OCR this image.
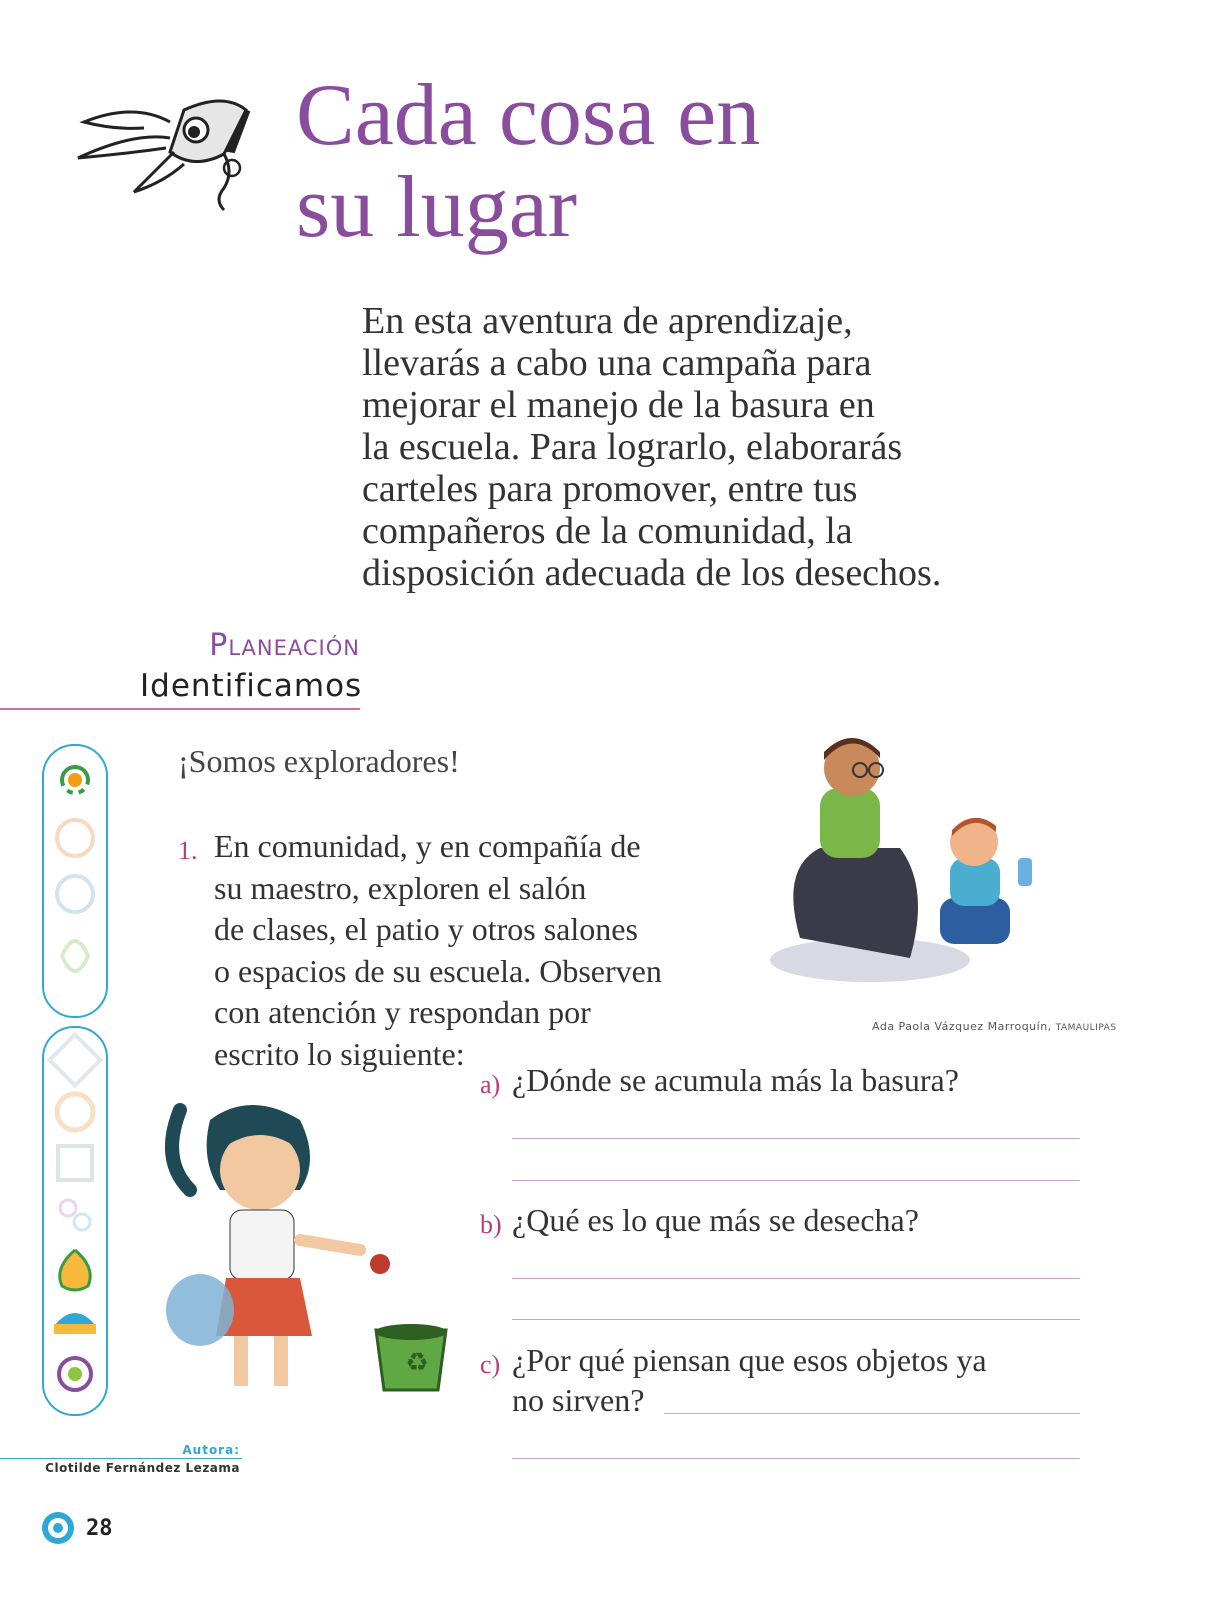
Cada cosa en
su lugar

En esta aventura de aprendizaje,
llevarás a cabo una campaña para
mejorar el manejo de la basura en
la escuela. Para lograrlo, elaborarás
carteles para promover, entre tus
compañeros de la comunidad, la
disposición adecuada de los desechos.

Planeación
Identificamos
¡Somos exploradores!
1. En comunidad, y en compañía de
su maestro, exploren el salón
de clases, el patio y otros salones
o espacios de su escuela. Observen
con atención y respondan por
escrito lo siguiente:

Ada Paola Vázquez Marroquín, TAMAULIPAS
♻
a) ¿Dónde se acumula más la basura?
b) ¿Qué es lo que más se desecha?
c) ¿Por qué piensan que esos objetos ya
no sirven?
Autora:
Clotilde Fernández Lezama
28
